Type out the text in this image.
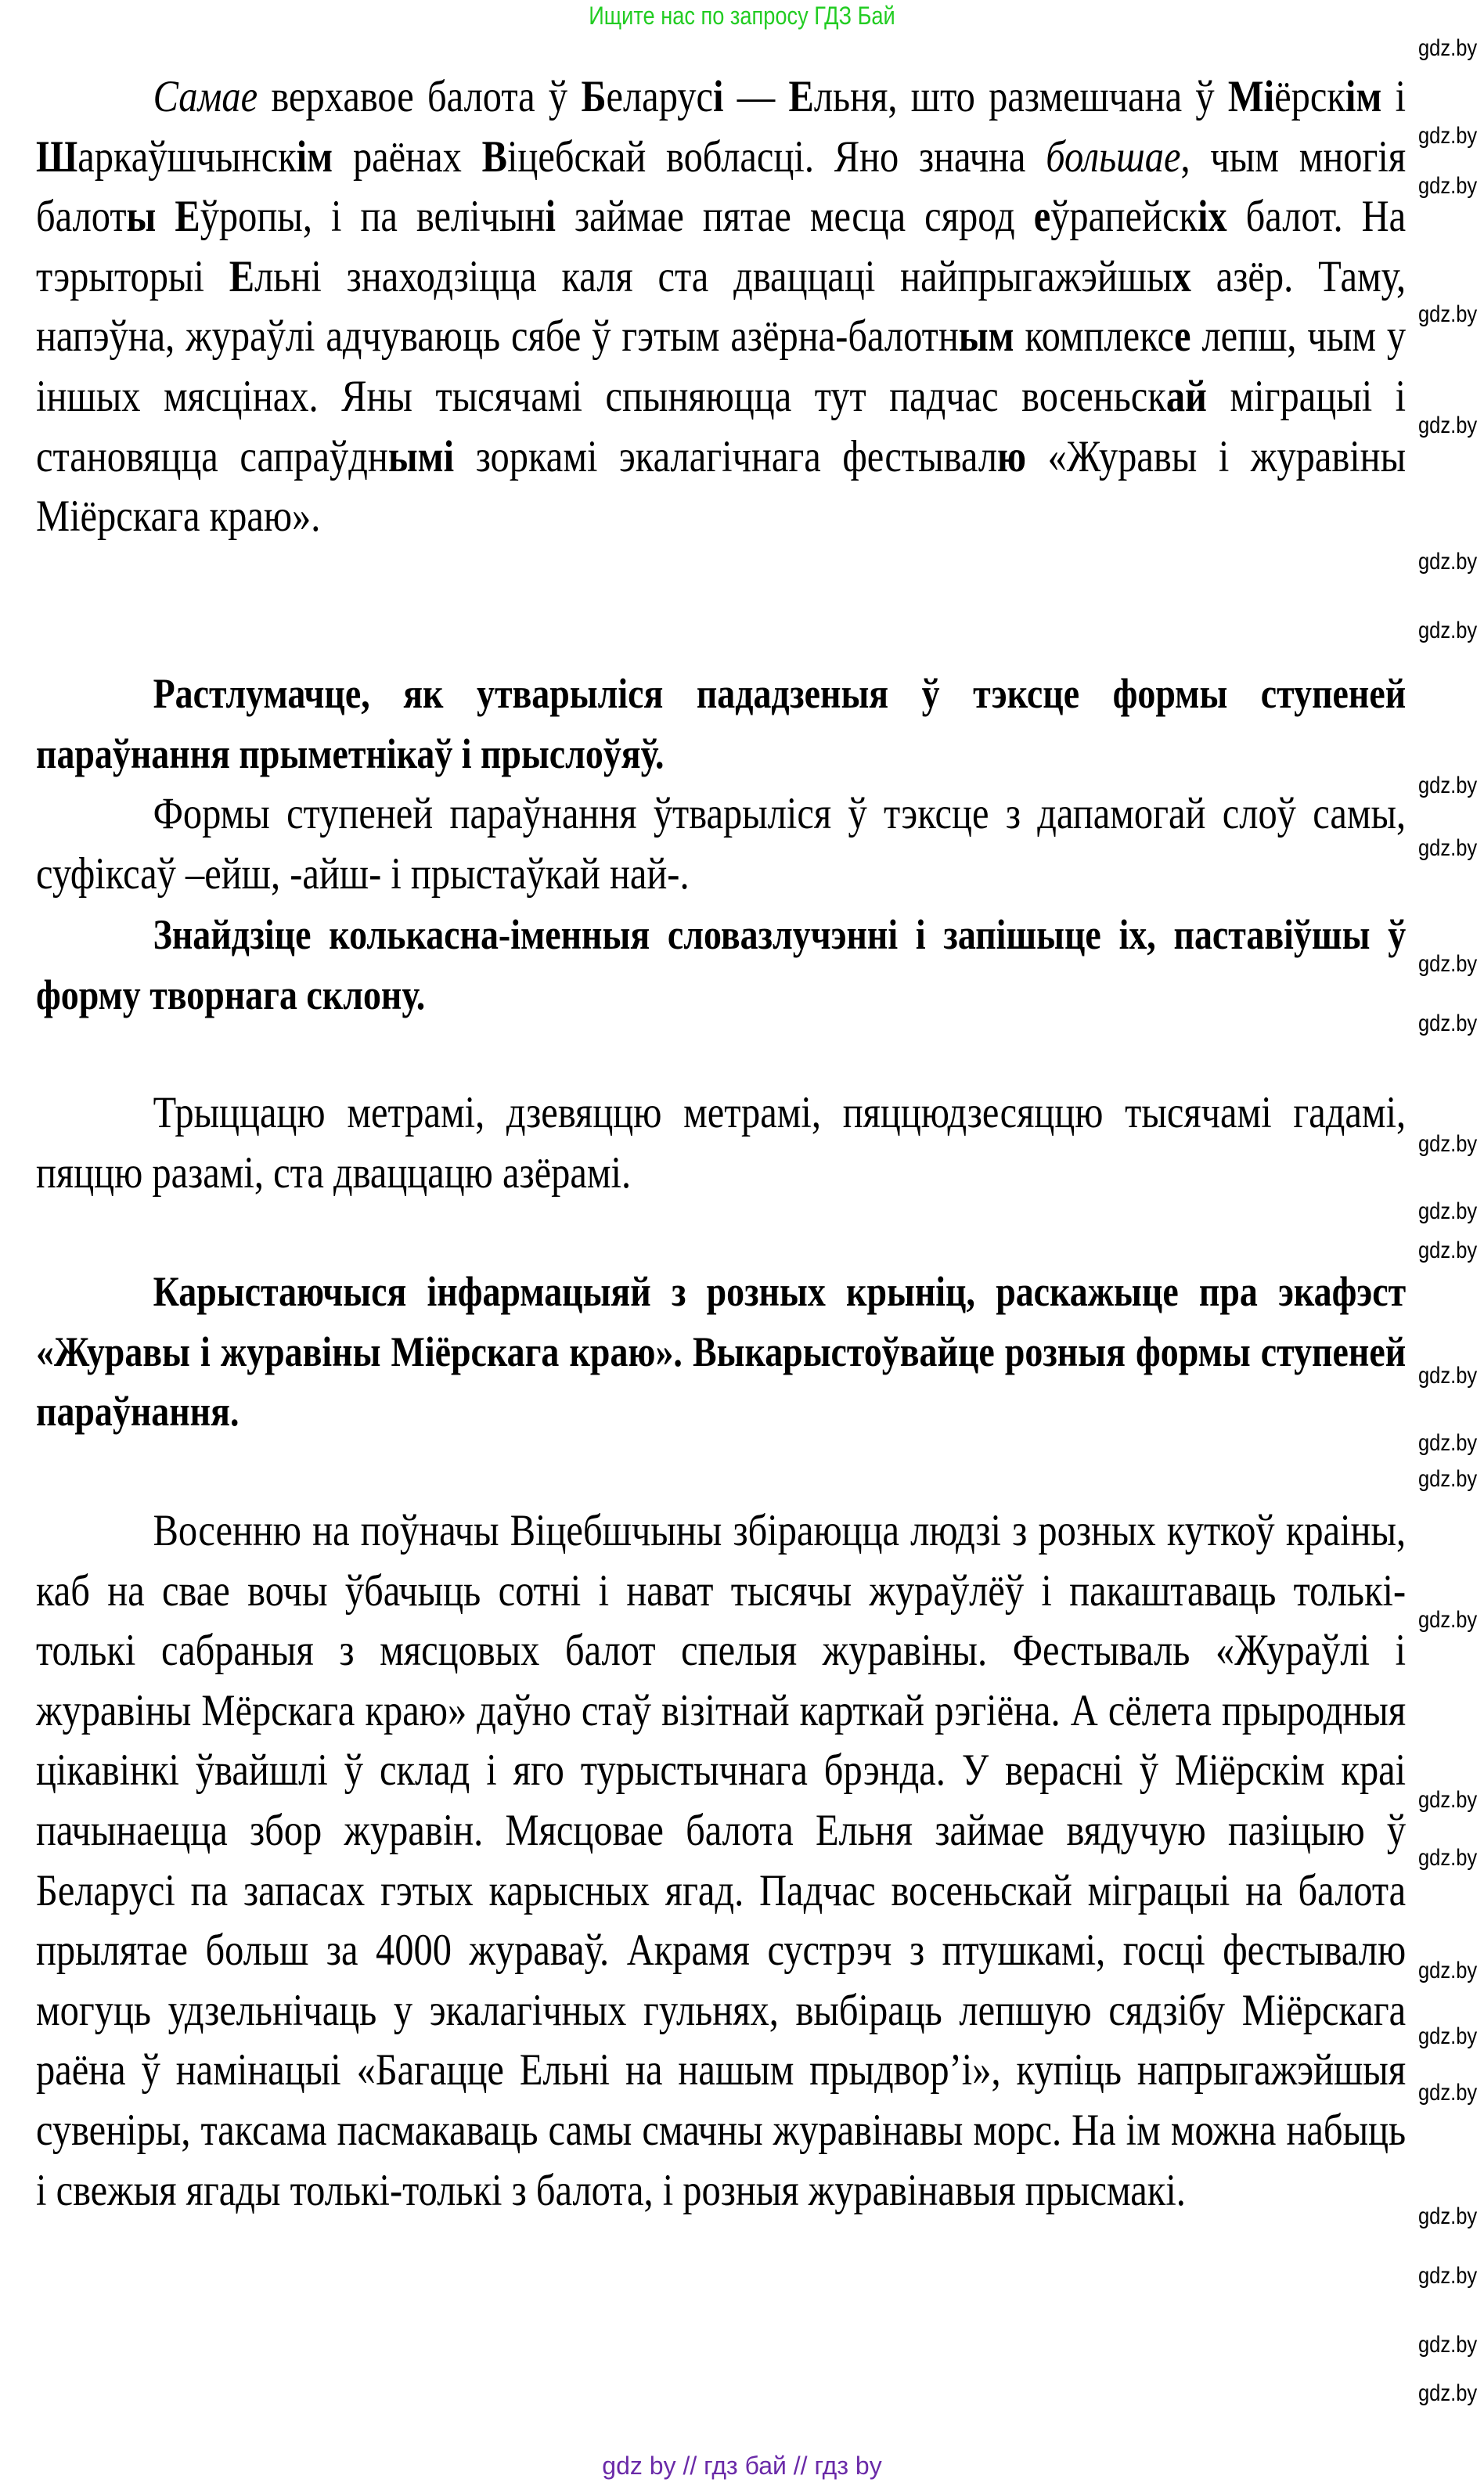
Ищите нас по запросу ГДЗ Бай
Самае верхавое балота ў Беларусі — Ельня, што размешчана ў Міёрскім і Шаркаўшчынскім раёнах Віцебскай вобласці. Яно значна большае, чым многія балоты Еўропы, і па велічыні займае пятае месца сярод еўрапейскіх балот. На тэрыторыі Ельні знаходзіцца каля ста дваццаці найпрыгажэйшых азёр. Таму, напэўна, жураўлі адчуваюць сябе ў гэтым азёрна-балотным комплексе лепш, чым у іншых мясцінах. Яны тысячамі спыняюцца тут падчас восеньскай міграцыі і становяцца сапраўднымі зоркамі экалагічнага фестывалю «Журавы і журавіны Міёрскага краю».
Растлумачце, як утварыліся пададзеныя ў тэксце формы ступеней параўнання прыметнікаў і прыслоўяў.
Формы ступеней параўнання ўтварыліся ў тэксце з дапамогай слоў самы, суфіксаў –ейш, -айш- і прыстаўкай най-.
Знайдзіце колькасна-іменныя словазлучэнні і запішыце іх, паставіўшы ў форму творнага склону.
Трыццацю метрамі, дзевяццю метрамі, пяццюдзесяццю тысячамі гадамі, пяццю разамі, ста дваццацю азёрамі.
Карыстаючыся інфармацыяй з розных крыніц, раскажыце пра экафэст «Журавы і журавіны Міёрскага краю». Выкарыстоўвайце розныя формы ступеней параўнання.
Восенню на поўначы Віцебшчыны збіраюцца людзі з розных куткоў краіны, каб на свае вочы ўбачыць сотні і нават тысячы жураўлёў і пакаштаваць толькі-толькі сабраныя з мясцовых балот спелыя журавіны. Фестываль «Жураўлі і журавіны Мёрскага краю» даўно стаў візітнай карткай рэгіёна. А сёлета прыродныя цікавінкі ўвайшлі ў склад і яго турыстычнага брэнда. У верасні ў Міёрскім краі пачынаецца збор журавін. Мясцовае балота Ельня займае вядучую пазіцыю ў Беларусі па запасах гэтых карысных ягад. Падчас восеньскай міграцыі на балота прылятае больш за 4000 жураваў. Акрамя сустрэч з птушкамі, госці фестывалю могуць удзельнічаць у экалагічных гульнях, выбіраць лепшую сядзібу Міёрскага раёна ў намінацыі «Багацце Ельні на нашым прыдвор’і», купіць напрыгажэйшыя сувеніры, таксама пасмакаваць самы смачны журавінавы морс. На ім можна набыць і свежыя ягады толькі-толькі з балота, і розныя журавінавыя прысмакі.
gdz.by
gdz.by
gdz.by
gdz.by
gdz.by
gdz.by
gdz.by
gdz.by
gdz.by
gdz.by
gdz.by
gdz.by
gdz.by
gdz.by
gdz.by
gdz.by
gdz.by
gdz.by
gdz.by
gdz.by
gdz.by
gdz.by
gdz.by
gdz.by
gdz.by
gdz.by
gdz.by
gdz by // гдз бай // гдз by
